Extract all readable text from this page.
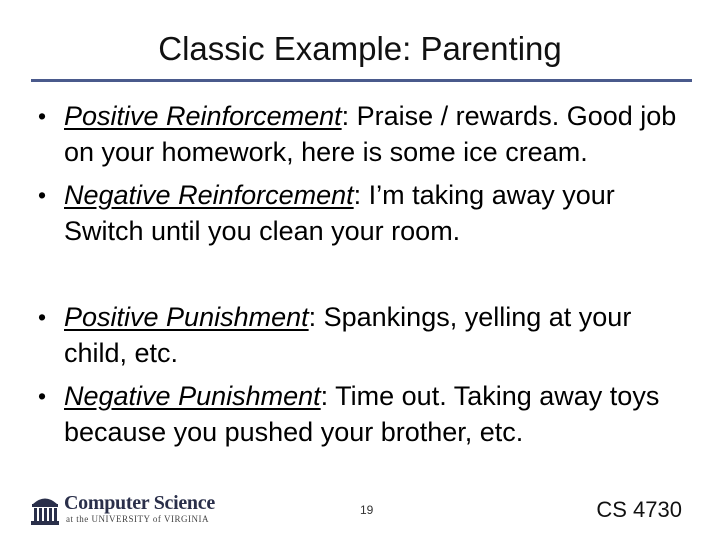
Classic Example: Parenting
• Positive Reinforcement: Praise / rewards. Good job on your homework, here is some ice cream.
• Negative Reinforcement: I’m taking away your Switch until you clean your room.
• Positive Punishment: Spankings, yelling at your child, etc.
• Negative Punishment: Time out. Taking away toys because you pushed your brother, etc.
Computer Science
at the UNIVERSITY of VIRGINIA
19	CS 4730
